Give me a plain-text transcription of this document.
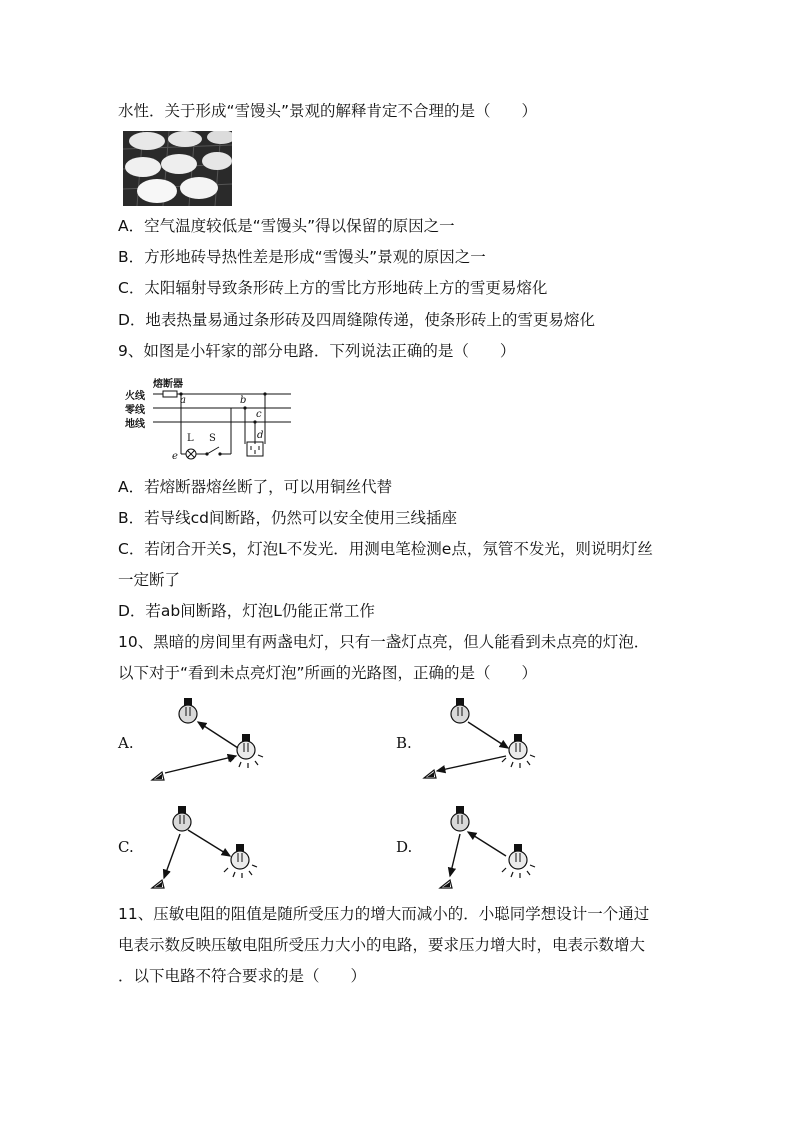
水性．关于形成“雪馒头”景观的解释肯定不合理的是（　　）
A．空气温度较低是“雪馒头”得以保留的原因之一
B．方形地砖导热性差是形成“雪馒头”景观的原因之一
C．太阳辐射导致条形砖上方的雪比方形地砖上方的雪更易熔化
D．地表热量易通过条形砖及四周缝隙传递，使条形砖上的雪更易熔化
9、如图是小轩家的部分电路．下列说法正确的是（　　）
熔断器
火线
零线
地线
a	b
c
d
e
L S
A．若熔断器熔丝断了，可以用铜丝代替
B．若导线cd间断路，仍然可以安全使用三线插座
C．若闭合开关S，灯泡L不发光．用测电笔检测e点，氖管不发光，则说明灯丝
一定断了
D．若ab间断路，灯泡L仍能正常工作
10、黑暗的房间里有两盏电灯，只有一盏灯点亮，但人能看到未点亮的灯泡．
以下对于“看到未点亮灯泡”所画的光路图，正确的是（　　）
A.	B.
C.	D.
11、压敏电阻的阻值是随所受压力的增大而减小的．小聪同学想设计一个通过
电表示数反映压敏电阻所受压力大小的电路，要求压力增大时，电表示数增大
．以下电路不符合要求的是（　　）
